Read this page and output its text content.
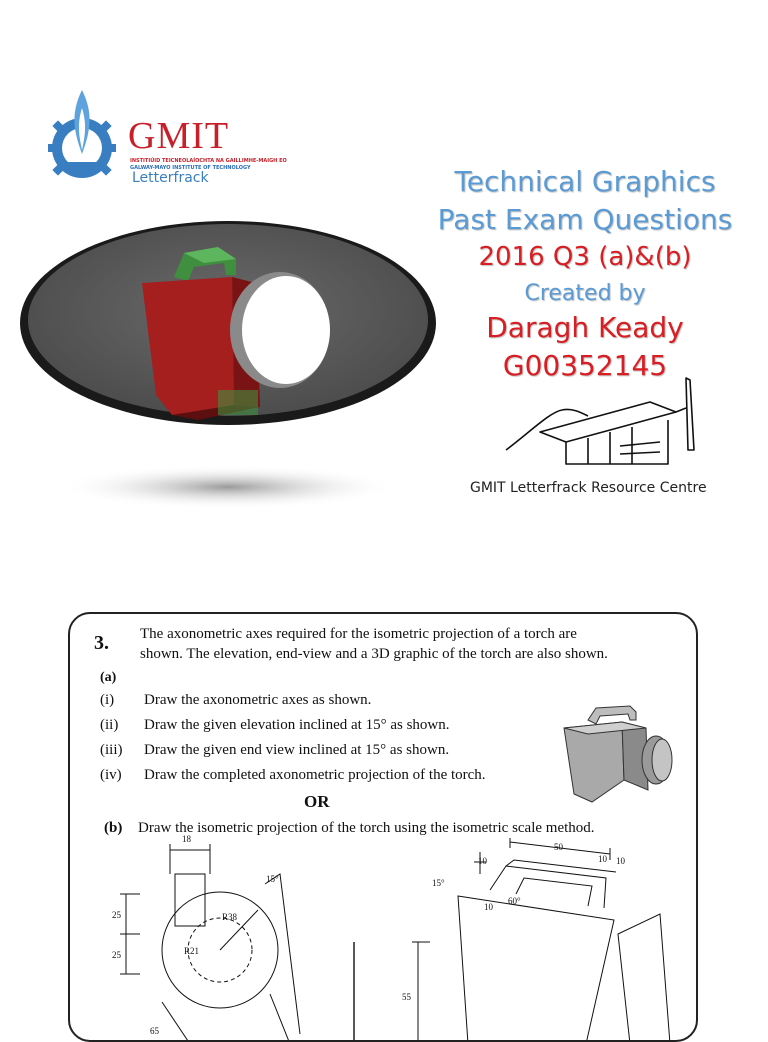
GMIT
INSTITIÚID TEICNEOLAÍOCHTA NA GAILLIMHE-MAIGH EO
GALWAY-MAYO INSTITUTE OF TECHNOLOGY
Letterfrack	Technical Graphics
Past Exam Questions
2016 Q3 (a)&(b)
Created by
Daragh Keady
G00352145
GMIT Letterfrack Resource Centre
3. The axonometric axes required for the isometric projection of a torch are
shown. The elevation, end-view and a 3D graphic of the torch are also shown.
(a)
(i) Draw the axonometric axes as shown.
(ii) Draw the given elevation inclined at 15° as shown.
(iii) Draw the given end view inclined at 15° as shown.
(iv) Draw the completed axonometric projection of the torch.
OR
(b) Draw the isometric projection of the torch using the isometric scale method.
18
15°
25
25
R38
R21
65
50
10 10
10
15°
10
60°
55
